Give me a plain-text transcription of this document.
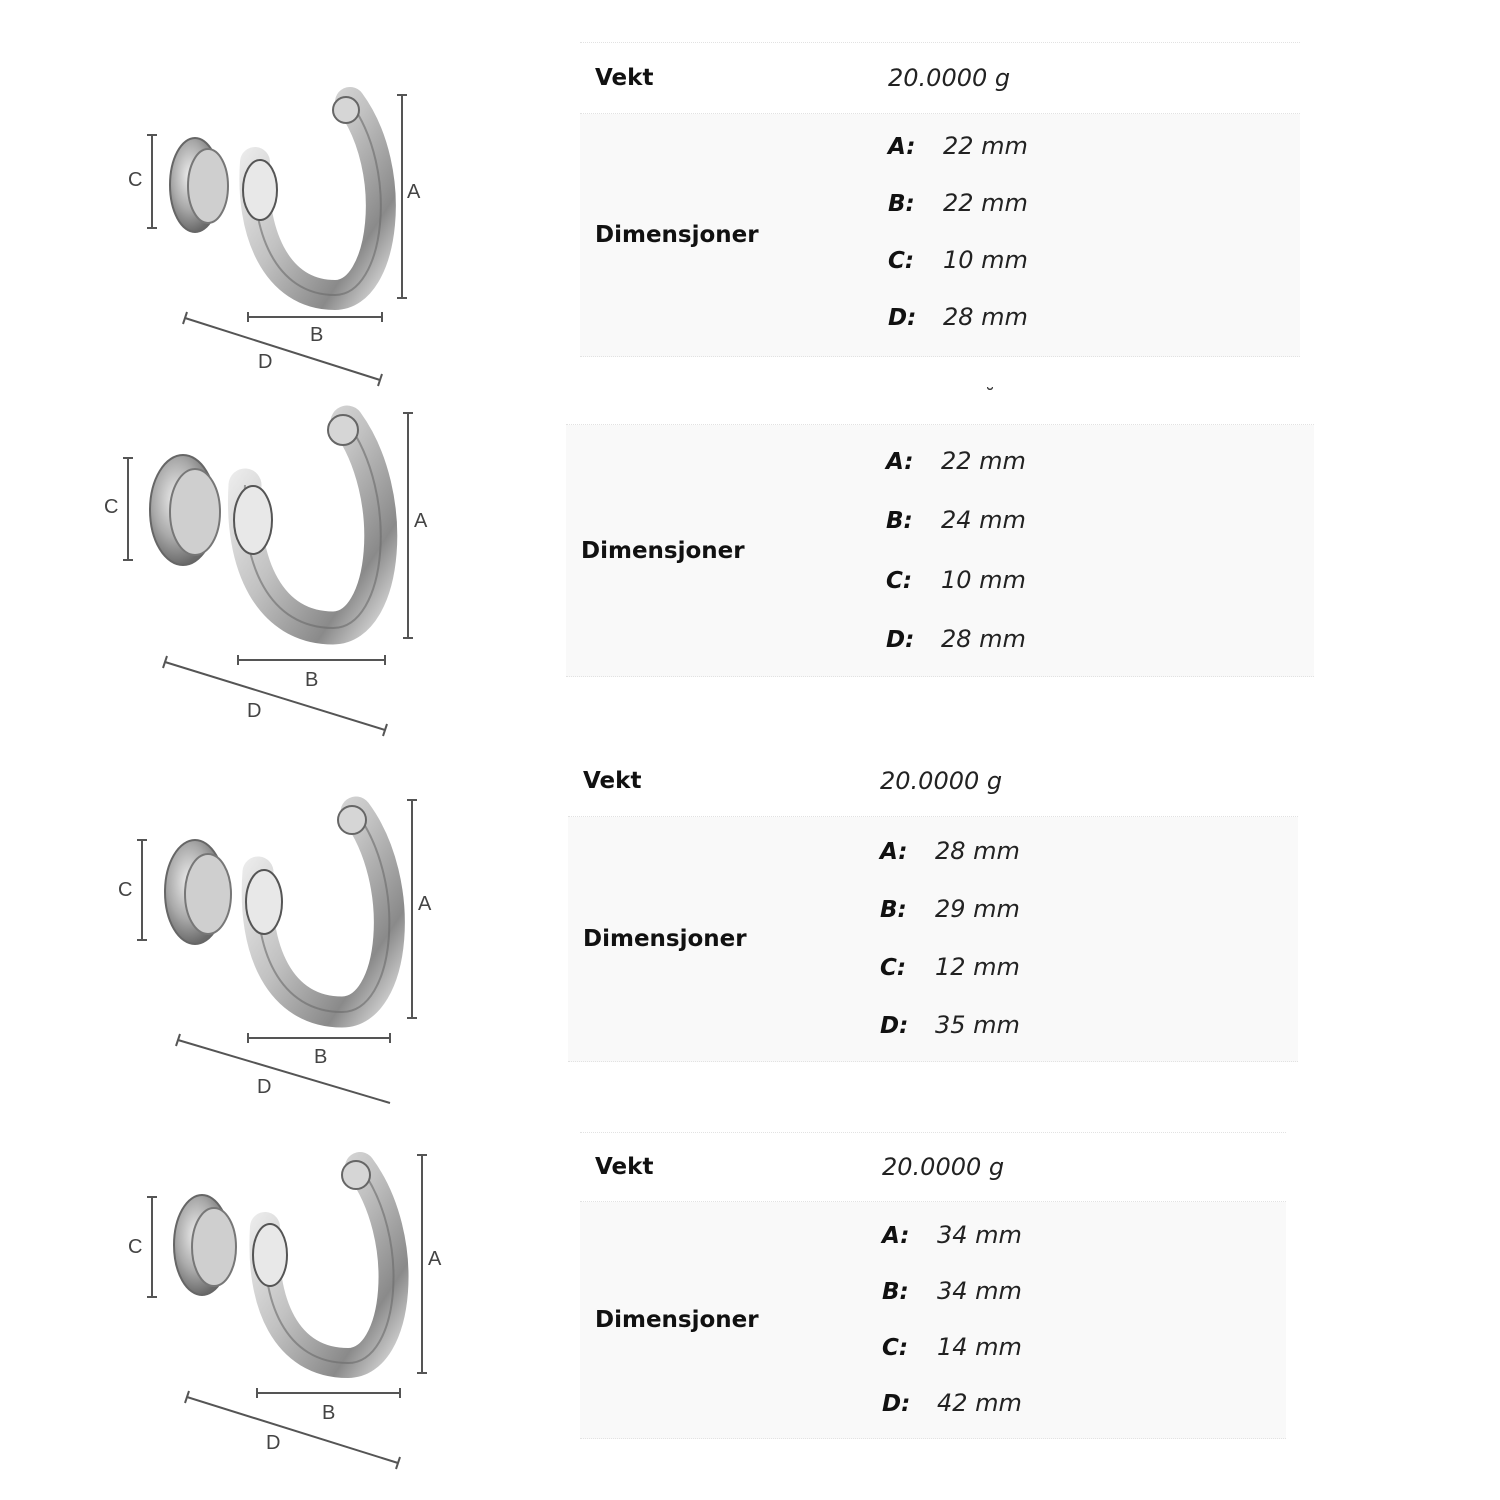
C
A
B
D
C
A
B
D
C
A
B
D
C
A
B
D
Vekt	20.0000 g
Dimensjoner
A: 22 mm
B: 22 mm
C: 10 mm
D: 28 mm
˘
Dimensjoner
A: 22 mm
B: 24 mm
C: 10 mm
D: 28 mm
Vekt	20.0000 g
Dimensjoner
A: 28 mm
B: 29 mm
C: 12 mm
D: 35 mm
Vekt	20.0000 g
Dimensjoner
A: 34 mm
B: 34 mm
C: 14 mm
D: 42 mm
